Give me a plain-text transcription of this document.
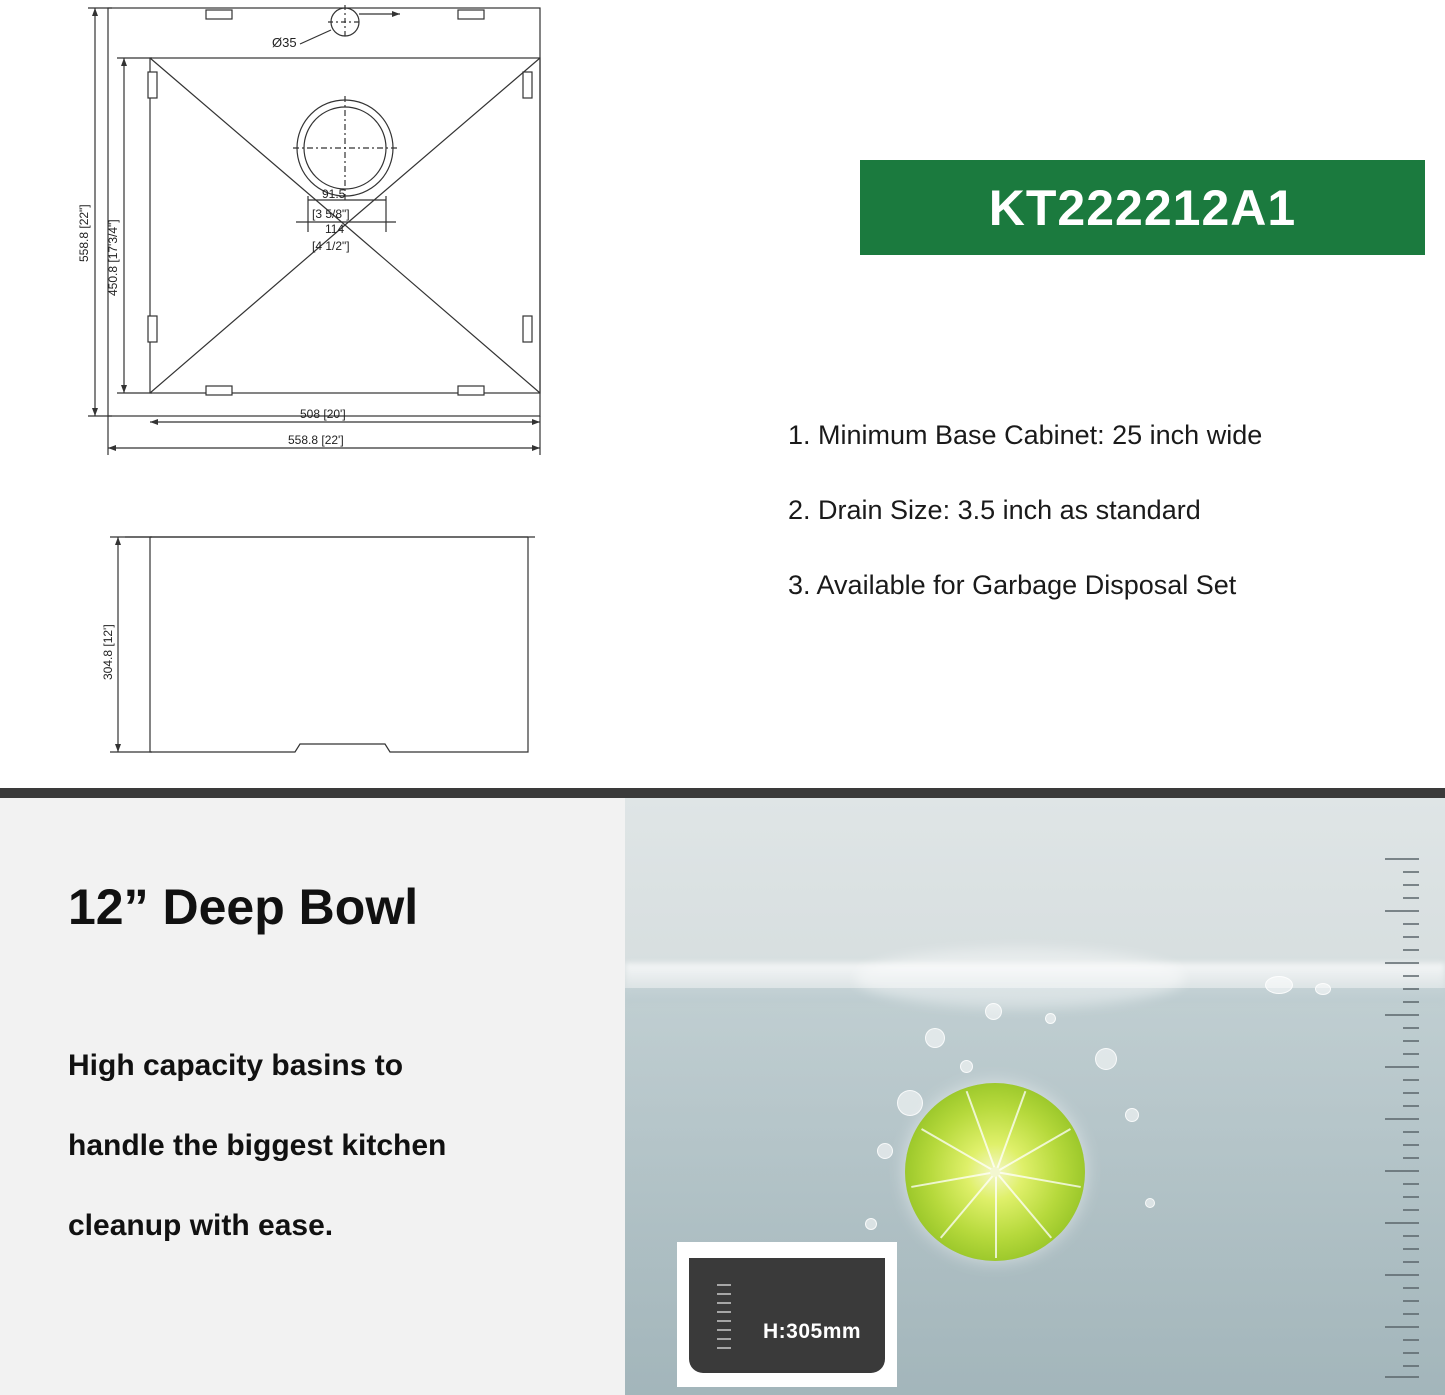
Ø35
91.5
[3 5/8"]
114
[4 1/2"]
558.8 [22"] 450.8 [17'3/4"]
508 [20']
558.8 [22']
304.8 [12']
KT222212A1
1. Minimum Base Cabinet: 25 inch wide
2. Drain Size: 3.5 inch as standard
3. Available for Garbage Disposal Set
12” Deep Bowl
High capacity basins to
handle the biggest kitchen
cleanup with ease.
H:305mm
